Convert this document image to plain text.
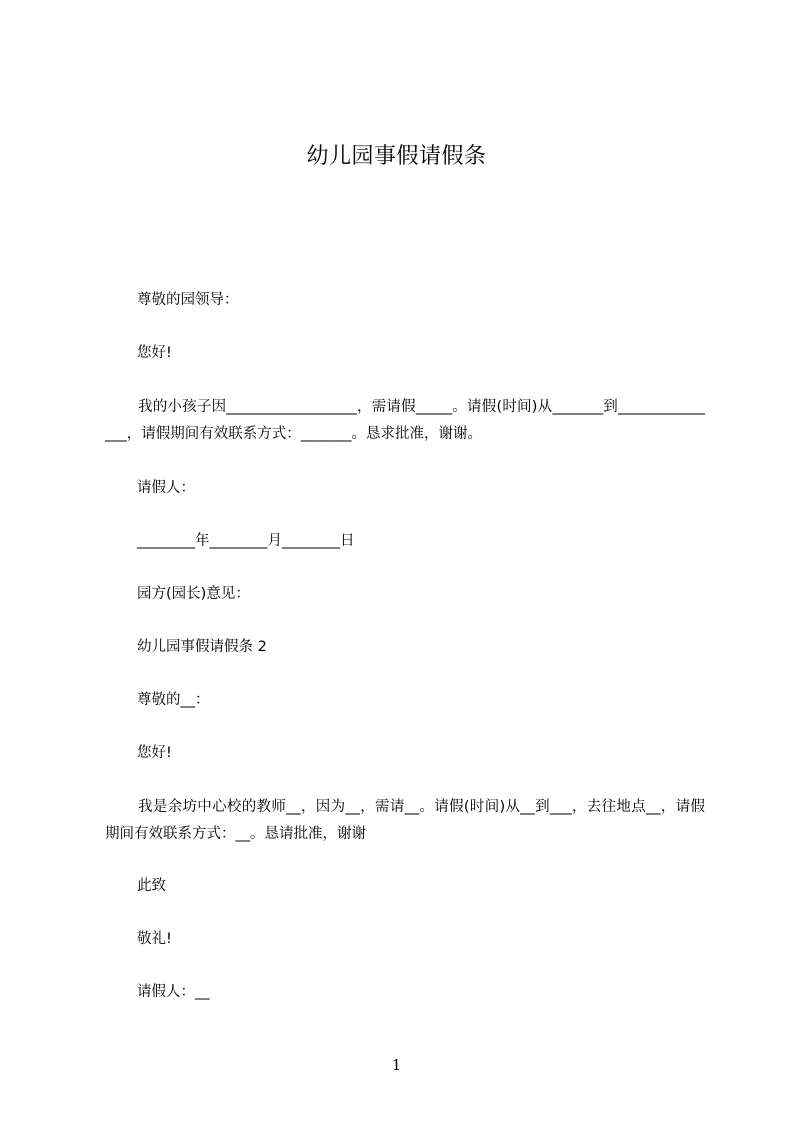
幼儿园事假请假条
尊敬的园领导：
您好!
我的小孩子因__________________，需请假_____。请假(时间)从_______到_______________，请假期间有效联系方式：_______。恳求批准，谢谢。
请假人：
________年________月________日
园方(园长)意见：
幼儿园事假请假条 2
尊敬的__：
您好!
我是余坊中心校的教师__，因为__，需请__。请假(时间)从__到___，去往地点__，请假期间有效联系方式：__。恳请批准，谢谢
此致
敬礼!
请假人：__
1
